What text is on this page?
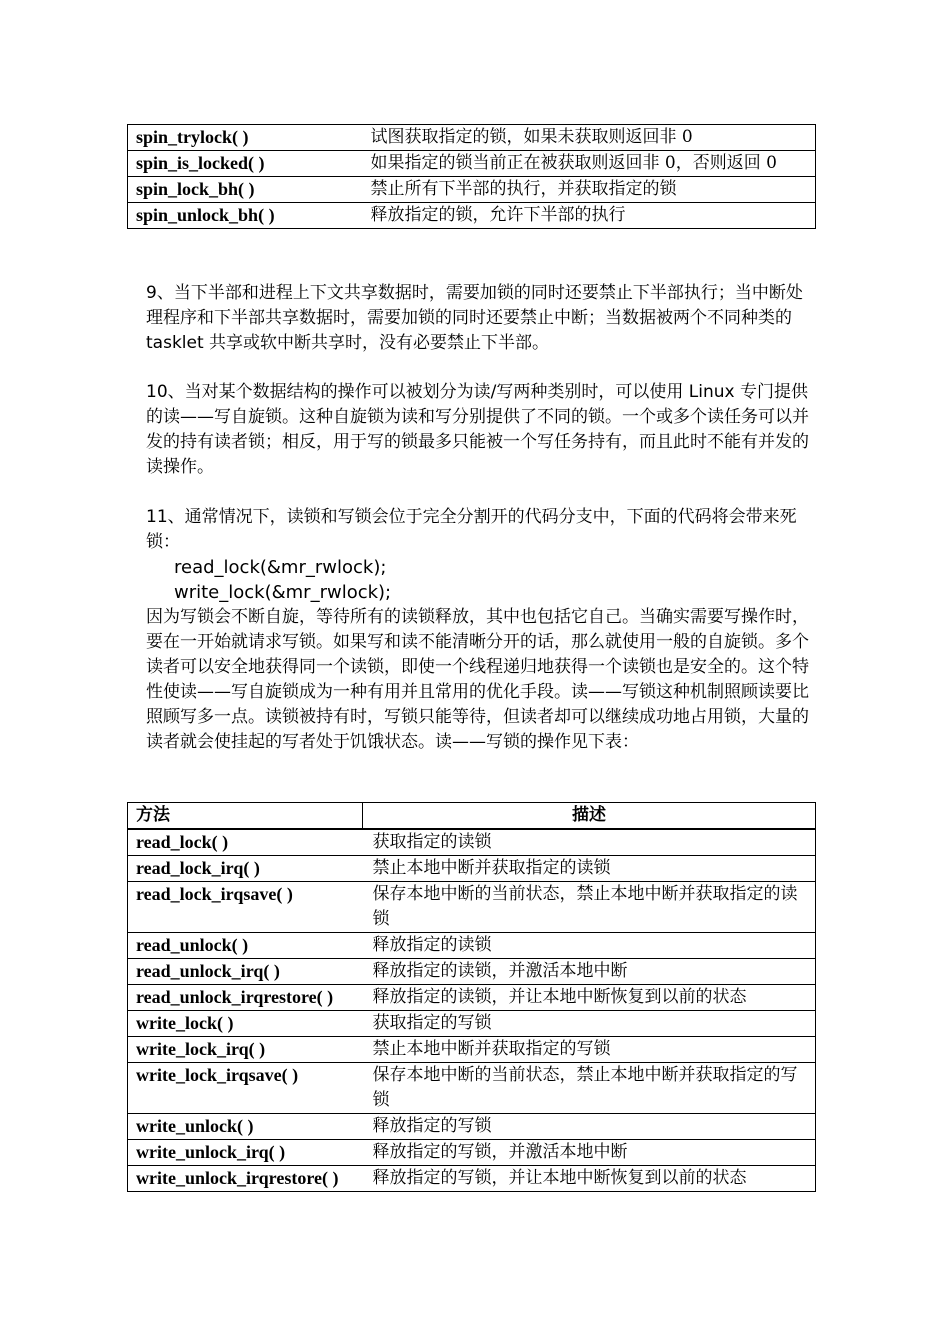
spin_trylock( )	试图获取指定的锁，如果未获取则返回非 0
spin_is_locked( )	如果指定的锁当前正在被获取则返回非 0，否则返回 0
spin_lock_bh( )	禁止所有下半部的执行，并获取指定的锁
spin_unlock_bh( )	释放指定的锁，允许下半部的执行

9、当下半部和进程上下文共享数据时，需要加锁的同时还要禁止下半部执行；当中断处理程序和下半部共享数据时，需要加锁的同时还要禁止中断；当数据被两个不同种类的 tasklet 共享或软中断共享时，没有必要禁止下半部。

10、当对某个数据结构的操作可以被划分为读/写两种类别时，可以使用 Linux 专门提供的读——写自旋锁。这种自旋锁为读和写分别提供了不同的锁。一个或多个读任务可以并发的持有读者锁；相反，用于写的锁最多只能被一个写任务持有，而且此时不能有并发的读操作。

11、通常情况下，读锁和写锁会位于完全分割开的代码分支中，下面的代码将会带来死锁：
read_lock(&mr_rwlock);
write_lock(&mr_rwlock);
因为写锁会不断自旋，等待所有的读锁释放，其中也包括它自己。当确实需要写操作时，要在一开始就请求写锁。如果写和读不能清晰分开的话，那么就使用一般的自旋锁。多个读者可以安全地获得同一个读锁，即使一个线程递归地获得一个读锁也是安全的。这个特性使读——写自旋锁成为一种有用并且常用的优化手段。读——写锁这种机制照顾读要比照顾写多一点。读锁被持有时，写锁只能等待，但读者却可以继续成功地占用锁，大量的读者就会使挂起的写者处于饥饿状态。读——写锁的操作见下表：
方法	描述
read_lock( )	获取指定的读锁
read_lock_irq( )	禁止本地中断并获取指定的读锁
read_lock_irqsave( )	保存本地中断的当前状态，禁止本地中断并获取指定的读锁
read_unlock( )	释放指定的读锁
read_unlock_irq( )	释放指定的读锁，并激活本地中断
read_unlock_irqrestore( )	释放指定的读锁，并让本地中断恢复到以前的状态
write_lock( )	获取指定的写锁
write_lock_irq( )	禁止本地中断并获取指定的写锁
write_lock_irqsave( )	保存本地中断的当前状态，禁止本地中断并获取指定的写锁
write_unlock( )	释放指定的写锁
write_unlock_irq( )	释放指定的写锁，并激活本地中断
write_unlock_irqrestore( )	释放指定的写锁，并让本地中断恢复到以前的状态
